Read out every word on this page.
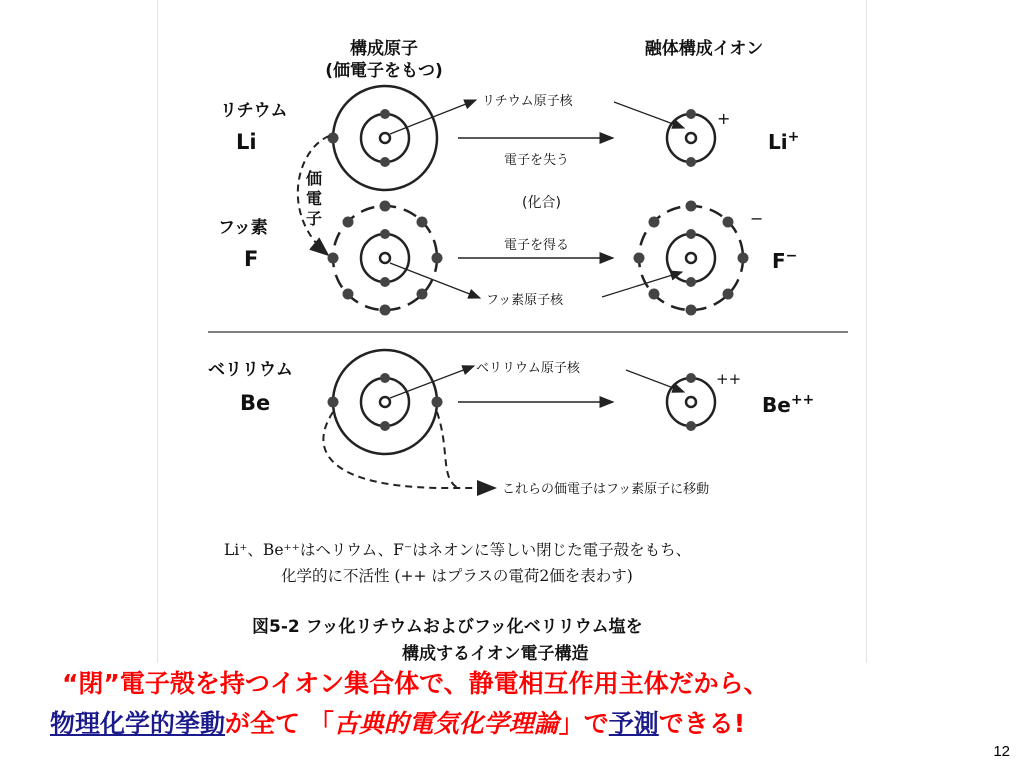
構成原子
(価電子をもつ)
融体構成イオン
リチウム
Li
リチウム原子核
電子を失う
+
Li+
価
電
子
(化合)
フッ素
F
電子を得る
フッ素原子核
−
F−
ベリリウム
Be
ベリリウム原子核
++
Be++
これらの価電子はフッ素原子に移動
Li⁺、Be⁺⁺はヘリウム、F⁻はネオンに等しい閉じた電子殻をもち、
化学的に不活性 (++ はプラスの電荷2価を表わす)
図5-2 フッ化リチウムおよびフッ化ベリリウム塩を
構成するイオン電子構造
“閉”電子殻を持つイオン集合体で、静電相互作用主体だから、
物理化学的挙動が全て 「古典的電気化学理論」で予測できる!
12
